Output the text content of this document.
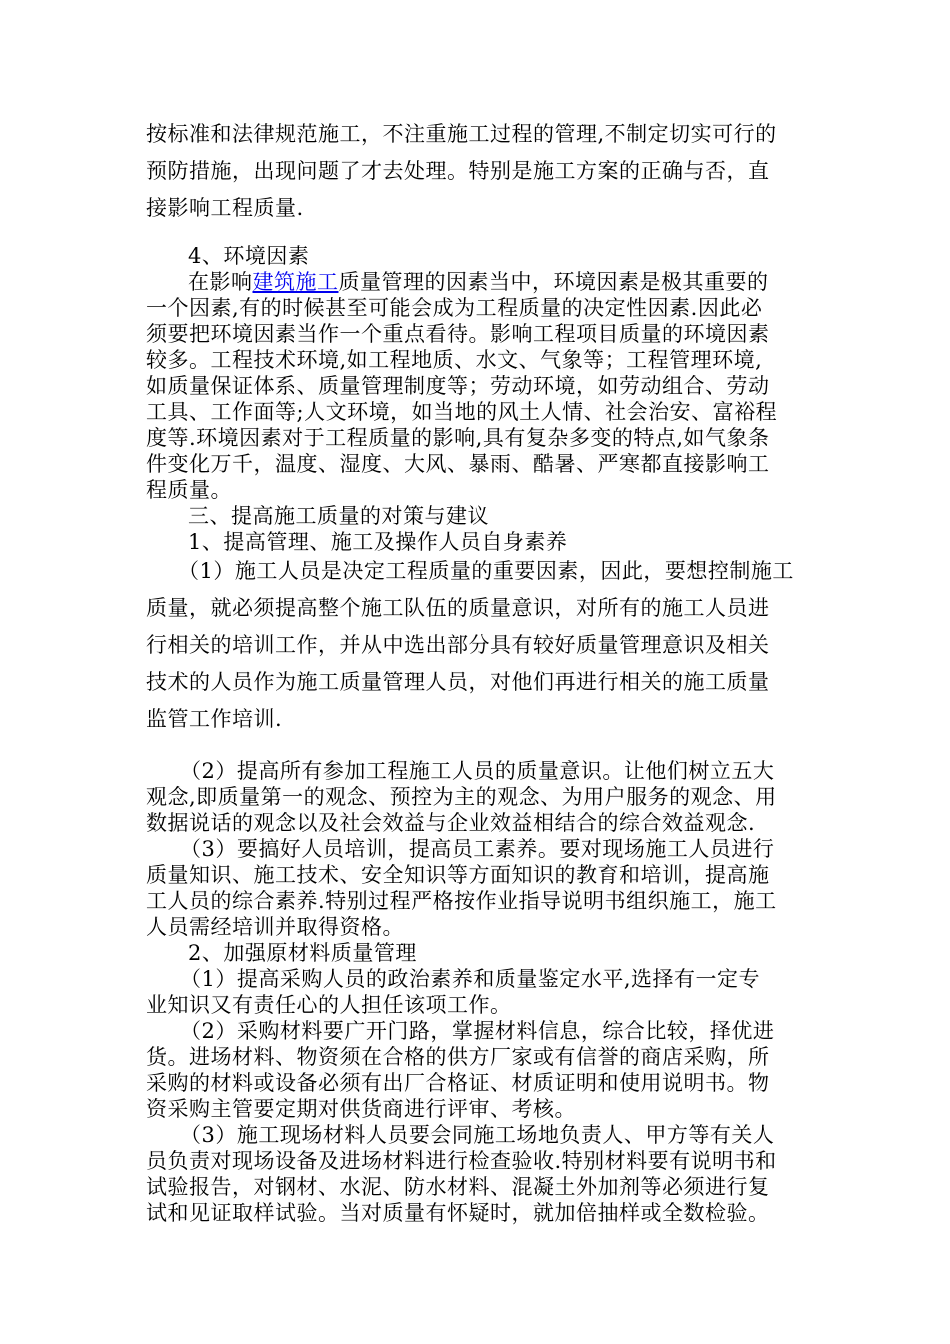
按标准和法律规范施工，不注重施工过程的管理,不制定切实可行的
预防措施，出现问题了才去处理。特别是施工方案的正确与否，直
接影响工程质量.
4、环境因素
在影响建筑施工质量管理的因素当中，环境因素是极其重要的
一个因素,有的时候甚至可能会成为工程质量的决定性因素.因此必
须要把环境因素当作一个重点看待。影响工程项目质量的环境因素
较多。工程技术环境,如工程地质、水文、气象等；工程管理环境,
如质量保证体系、质量管理制度等；劳动环境，如劳动组合、劳动
工具、工作面等;人文环境，如当地的风土人情、社会治安、富裕程
度等.环境因素对于工程质量的影响,具有复杂多变的特点,如气象条
件变化万千，温度、湿度、大风、暴雨、酷暑、严寒都直接影响工
程质量。
三、提高施工质量的对策与建议
1、提高管理、施工及操作人员自身素养
（1）施工人员是决定工程质量的重要因素，因此，要想控制施工
质量，就必须提高整个施工队伍的质量意识，对所有的施工人员进
行相关的培训工作，并从中选出部分具有较好质量管理意识及相关
技术的人员作为施工质量管理人员，对他们再进行相关的施工质量
监管工作培训.
（2）提高所有参加工程施工人员的质量意识。让他们树立五大
观念,即质量第一的观念、预控为主的观念、为用户服务的观念、用
数据说话的观念以及社会效益与企业效益相结合的综合效益观念.
（3）要搞好人员培训，提高员工素养。要对现场施工人员进行
质量知识、施工技术、安全知识等方面知识的教育和培训，提高施
工人员的综合素养.特别过程严格按作业指导说明书组织施工，施工
人员需经培训并取得资格。
2、加强原材料质量管理
（1）提高采购人员的政治素养和质量鉴定水平,选择有一定专
业知识又有责任心的人担任该项工作。
（2）采购材料要广开门路，掌握材料信息，综合比较，择优进
货。进场材料、物资须在合格的供方厂家或有信誉的商店采购，所
采购的材料或设备必须有出厂合格证、材质证明和使用说明书。物
资采购主管要定期对供货商进行评审、考核。
（3）施工现场材料人员要会同施工场地负责人、甲方等有关人
员负责对现场设备及进场材料进行检查验收.特别材料要有说明书和
试验报告，对钢材、水泥、防水材料、混凝土外加剂等必须进行复
试和见证取样试验。当对质量有怀疑时，就加倍抽样或全数检验。
